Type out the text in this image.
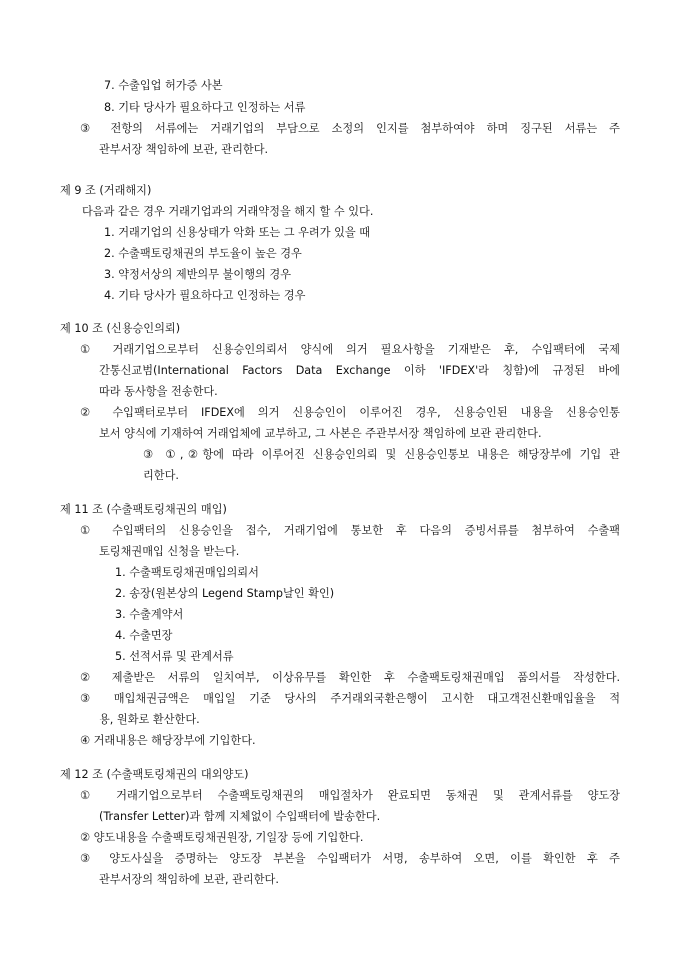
7. 수출입업 허가증 사본
8. 기타 당사가 필요하다고 인정하는 서류
③ 전항의 서류에는 거래기업의 부담으로 소정의 인지를 첨부하여야 하며 징구된 서류는 주
관부서장 책임하에 보관, 관리한다.
제 9 조 (거래해지)
다음과 같은 경우 거래기업과의 거래약정을 해지 할 수 있다.
1. 거래기업의 신용상태가 악화 또는 그 우려가 있을 때
2. 수출팩토링채권의 부도율이 높은 경우
3. 약정서상의 제반의무 불이행의 경우
4. 기타 당사가 필요하다고 인정하는 경우
제 10 조 (신용승인의뢰)
① 거래기업으로부터 신용승인의뢰서 양식에 의거 필요사항을 기재받은 후, 수입팩터에 국제
간통신교범(International Factors Data Exchange 이하 'IFDEX'라 칭함)에 규정된 바에
따라 동사항을 전송한다.
② 수입팩터로부터 IFDEX에 의거 신용승인이 이루어진 경우, 신용승인된 내용을 신용승인통
보서 양식에 기재하여 거래업체에 교부하고, 그 사본은 주관부서장 책임하에 보관 관리한다.
③ ①,②항에 따라 이루어진 신용승인의뢰 및 신용승인통보 내용은 해당장부에 기입 관
리한다.
제 11 조 (수출팩토링채권의 매입)
① 수입팩터의 신용승인을 접수, 거래기업에 통보한 후 다음의 증빙서류를 첨부하여 수출팩
토링채권매입 신청을 받는다.
1. 수출팩토링채권매입의뢰서
2. 송장(원본상의 Legend Stamp날인 확인)
3. 수출계약서
4. 수출면장
5. 선적서류 및 관계서류
② 제출받은 서류의 일치여부, 이상유무를 확인한 후 수출팩토링채권매입 품의서를 작성한다.
③ 매입채권금액은 매입일 기준 당사의 주거래외국환은행이 고시한 대고객전신환매입율을 적
용, 원화로 환산한다.
④ 거래내용은 해당장부에 기입한다.
제 12 조 (수출팩토링채권의 대외양도)
① 거래기업으로부터 수출팩토링채권의 매입절차가 완료되면 동채권 및 관계서류를 양도장
(Transfer Letter)과 함께 지체없이 수입팩터에 발송한다.
② 양도내용을 수출팩토링채권원장, 기일장 등에 기입한다.
③ 양도사실을 증명하는 양도장 부본을 수입팩터가 서명, 송부하여 오면, 이를 확인한 후 주
관부서장의 책임하에 보관, 관리한다.
